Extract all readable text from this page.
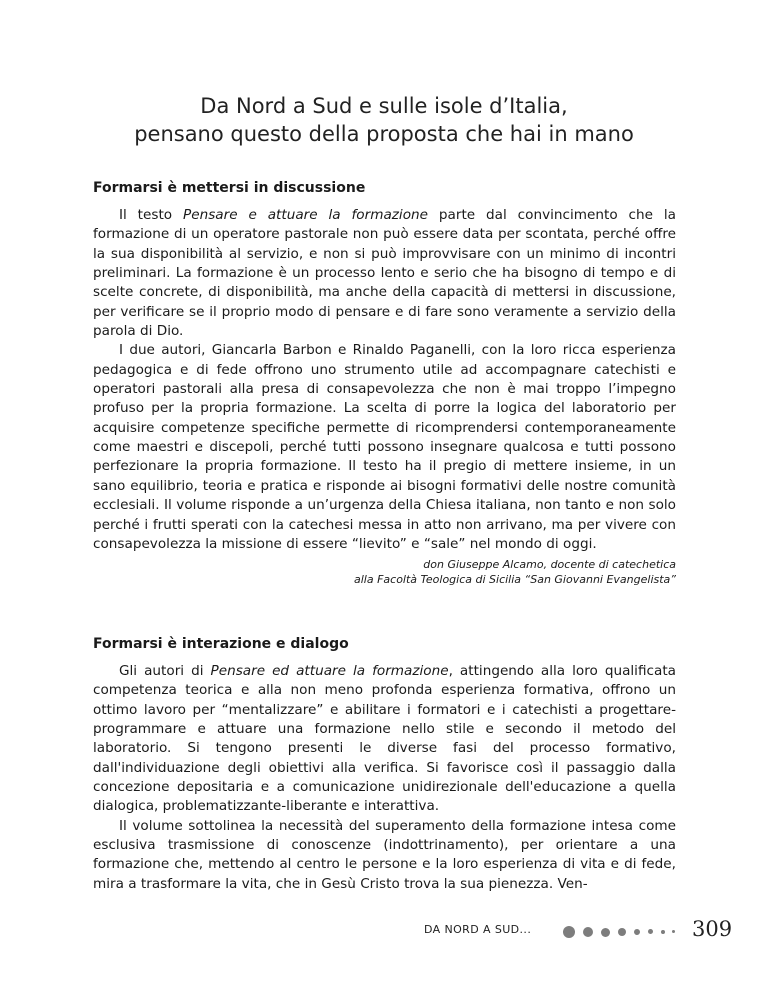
Da Nord a Sud e sulle isole d’Italia,
pensano questo della proposta che hai in mano
Formarsi è mettersi in discussione

Il testo Pensare e attuare la formazione parte dal convincimento che la formazione di un operatore pastorale non può essere data per scontata, perché offre la sua disponibilità al servizio, e non si può improvvisare con un minimo di incontri preliminari. La formazione è un processo lento e serio che ha bisogno di tempo e di scelte concrete, di disponibilità, ma anche della capacità di mettersi in discussione, per verificare se il proprio modo di pensare e di fare sono veramente a servizio della parola di Dio.

I due autori, Giancarla Barbon e Rinaldo Paganelli, con la loro ricca esperienza pedagogica e di fede offrono uno strumento utile ad accompagnare catechisti e operatori pastorali alla presa di consapevolezza che non è mai troppo l’impegno profuso per la propria formazione. La scelta di porre la logica del laboratorio per acquisire competenze specifiche permette di ricomprendersi contemporaneamente come maestri e discepoli, perché tutti possono insegnare qualcosa e tutti possono perfezionare la propria formazione. Il testo ha il pregio di mettere insieme, in un sano equilibrio, teoria e pratica e risponde ai bisogni formativi delle nostre comunità ecclesiali. Il volume risponde a un’urgenza della Chiesa italiana, non tanto e non solo perché i frutti sperati con la catechesi messa in atto non arrivano, ma per vivere con consapevolezza la missione di essere “lievito” e “sale” nel mondo di oggi.

don Giuseppe Alcamo, docente di catechetica
alla Facoltà Teologica di Sicilia “San Giovanni Evangelista”
Formarsi è interazione e dialogo

Gli autori di Pensare ed attuare la formazione, attingendo alla loro qualificata competenza teorica e alla non meno profonda esperienza formativa, offrono un ottimo lavoro per “mentalizzare” e abilitare i formatori e i catechisti a progettare-programmare e attuare una formazione nello stile e secondo il metodo del laboratorio. Si tengono presenti le diverse fasi del processo formativo, dall'individuazione degli obiettivi alla verifica. Si favorisce così il passaggio dalla concezione depositaria e a comunicazione unidirezionale dell'educazione a quella dialogica, problematizzante-liberante e interattiva.

Il volume sottolinea la necessità del superamento della formazione intesa come esclusiva trasmissione di conoscenze (indottrinamento), per orientare a una formazione che, mettendo al centro le persone e la loro esperienza di vita e di fede, mira a trasformare la vita, che in Gesù Cristo trova la sua pienezza. Ven-

DA NORD A SUD...	309
